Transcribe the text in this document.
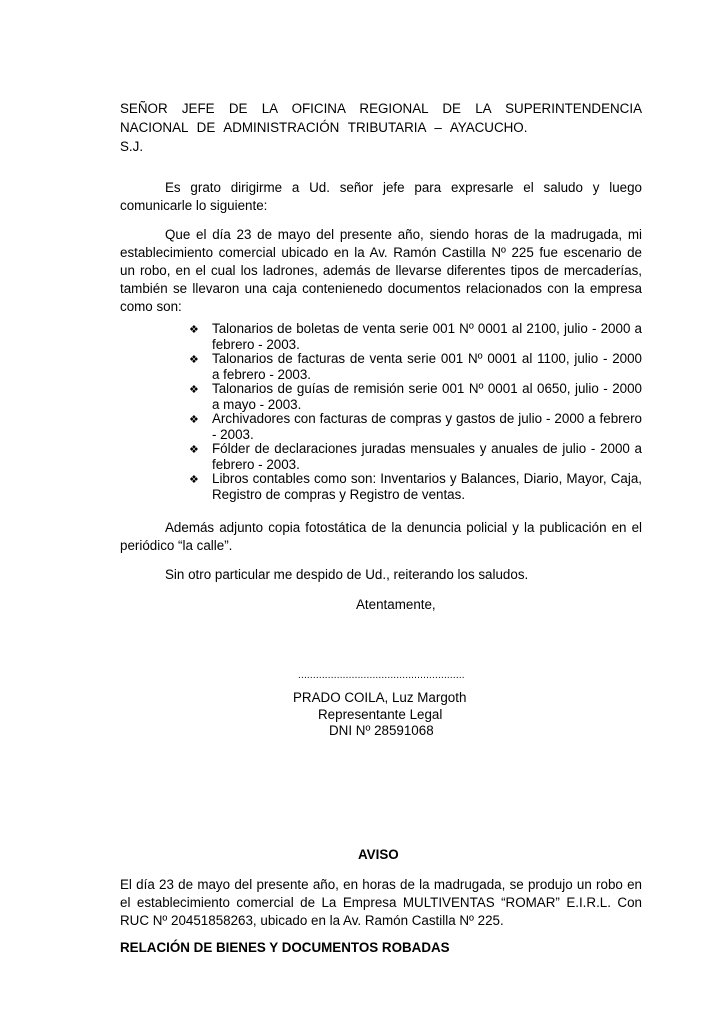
SEÑOR JEFE DE LA OFICINA REGIONAL DE LA SUPERINTENDENCIA
NACIONAL DE ADMINISTRACIÓN TRIBUTARIA – AYACUCHO.
S.J.
Es grato dirigirme a Ud. señor jefe para expresarle el saludo y luego
comunicarle lo siguiente:
Que el día 23 de mayo del presente año, siendo horas de la madrugada, mi
establecimiento comercial ubicado en la Av. Ramón Castilla Nº 225 fue escenario de
un robo, en el cual los ladrones, además de llevarse diferentes tipos de mercaderías,
también se llevaron una caja contenienedo documentos relacionados con la empresa
como son:
❖ Talonarios de boletas de venta serie 001 Nº 0001 al 2100, julio - 2000 a
febrero - 2003.
❖ Talonarios de facturas de venta serie 001 Nº 0001 al 1100, julio - 2000
a febrero - 2003.
❖ Talonarios de guías de remisión serie 001 Nº 0001 al 0650, julio - 2000
a mayo - 2003.
❖ Archivadores con facturas de compras y gastos de julio - 2000 a febrero
- 2003.
❖ Fólder de declaraciones juradas mensuales y anuales de julio - 2000 a
febrero - 2003.
❖ Libros contables como son: Inventarios y Balances, Diario, Mayor, Caja,
Registro de compras y Registro de ventas.
Además adjunto copia fotostática de la denuncia policial y la publicación en el
periódico “la calle”.
Sin otro particular me despido de Ud., reiterando los saludos.
Atentamente,
........................................................
PRADO COILA, Luz Margoth
Representante Legal
DNI Nº 28591068
AVISO
El día 23 de mayo del presente año, en horas de la madrugada, se produjo un robo en
el establecimiento comercial de La Empresa MULTIVENTAS “ROMAR” E.I.R.L. Con
RUC Nº 20451858263, ubicado en la Av. Ramón Castilla Nº 225.
RELACIÓN DE BIENES Y DOCUMENTOS ROBADAS
